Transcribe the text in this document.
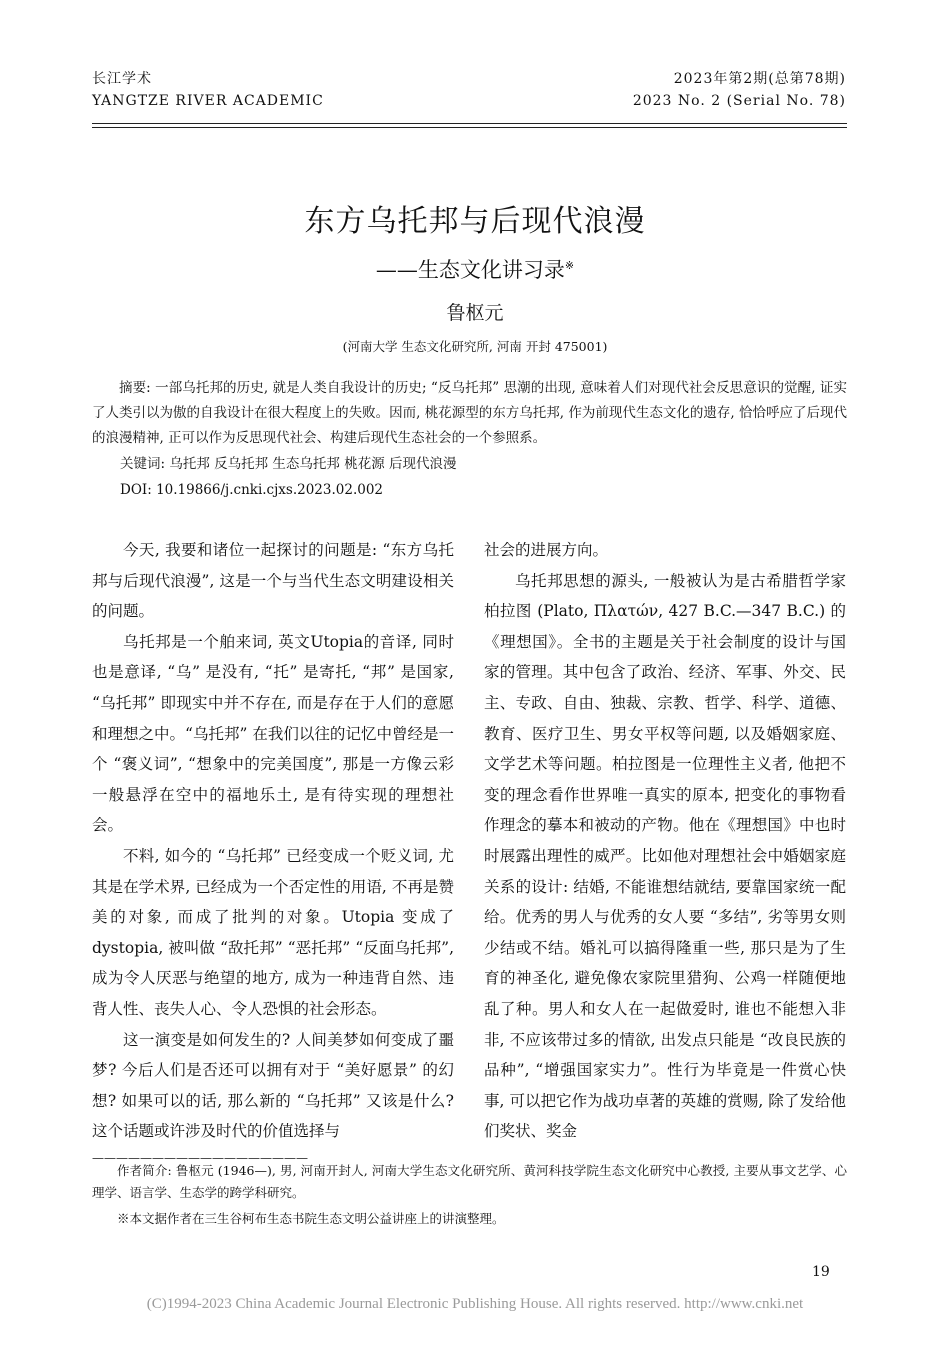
长江学术
YANGTZE RIVER ACADEMIC
2023年第2期(总第78期)
2023 No. 2 (Serial No. 78)
东方乌托邦与后现代浪漫
——生态文化讲习录※
鲁枢元
(河南大学 生态文化研究所, 河南 开封 475001)
摘要: 一部乌托邦的历史, 就是人类自我设计的历史; “反乌托邦” 思潮的出现, 意味着人们对现代社会反思意识的觉醒, 证实了人类引以为傲的自我设计在很大程度上的失败。因而, 桃花源型的东方乌托邦, 作为前现代生态文化的遗存, 恰恰呼应了后现代的浪漫精神, 正可以作为反思现代社会、构建后现代生态社会的一个参照系。
关键词: 乌托邦 反乌托邦 生态乌托邦 桃花源 后现代浪漫
DOI: 10.19866/j.cnki.cjxs.2023.02.002

今天, 我要和诸位一起探讨的问题是: “东方乌托邦与后现代浪漫”, 这是一个与当代生态文明建设相关的问题。

乌托邦是一个舶来词, 英文Utopia的音译, 同时也是意译, “乌” 是没有, “托” 是寄托, “邦” 是国家, “乌托邦” 即现实中并不存在, 而是存在于人们的意愿和理想之中。“乌托邦” 在我们以往的记忆中曾经是一个 “褒义词”, “想象中的完美国度”, 那是一方像云彩一般悬浮在空中的福地乐土, 是有待实现的理想社会。

不料, 如今的 “乌托邦” 已经变成一个贬义词, 尤其是在学术界, 已经成为一个否定性的用语, 不再是赞美的对象, 而成了批判的对象。Utopia 变成了 dystopia, 被叫做 “敌托邦” “恶托邦” “反面乌托邦”, 成为令人厌恶与绝望的地方, 成为一种违背自然、违背人性、丧失人心、令人恐惧的社会形态。

这一演变是如何发生的? 人间美梦如何变成了噩梦? 今后人们是否还可以拥有对于 “美好愿景” 的幻想? 如果可以的话, 那么新的 “乌托邦” 又该是什么? 这个话题或许涉及时代的价值选择与

社会的进展方向。

乌托邦思想的源头, 一般被认为是古希腊哲学家柏拉图 (Plato, Πλατών, 427 B.C.—347 B.C.) 的《理想国》。全书的主题是关于社会制度的设计与国家的管理。其中包含了政治、经济、军事、外交、民主、专政、自由、独裁、宗教、哲学、科学、道德、教育、医疗卫生、男女平权等问题, 以及婚姻家庭、文学艺术等问题。柏拉图是一位理性主义者, 他把不变的理念看作世界唯一真实的原本, 把变化的事物看作理念的摹本和被动的产物。他在《理想国》中也时时展露出理性的威严。比如他对理想社会中婚姻家庭关系的设计: 结婚, 不能谁想结就结, 要靠国家统一配给。优秀的男人与优秀的女人要 “多结”, 劣等男女则少结或不结。婚礼可以搞得隆重一些, 那只是为了生育的神圣化, 避免像农家院里猎狗、公鸡一样随便地乱了种。男人和女人在一起做爱时, 谁也不能想入非非, 不应该带过多的情欲, 出发点只能是 “改良民族的品种”, “增强国家实力”。性行为毕竟是一件赏心快事, 可以把它作为战功卓著的英雄的赏赐, 除了发给他们奖状、奖金

——————————————————
作者简介: 鲁枢元 (1946—), 男, 河南开封人, 河南大学生态文化研究所、黄河科技学院生态文化研究中心教授, 主要从事文艺学、心理学、语言学、生态学的跨学科研究。
※本文据作者在三生谷柯布生态书院生态文明公益讲座上的讲演整理。
19
(C)1994-2023 China Academic Journal Electronic Publishing House. All rights reserved. http://www.cnki.net
